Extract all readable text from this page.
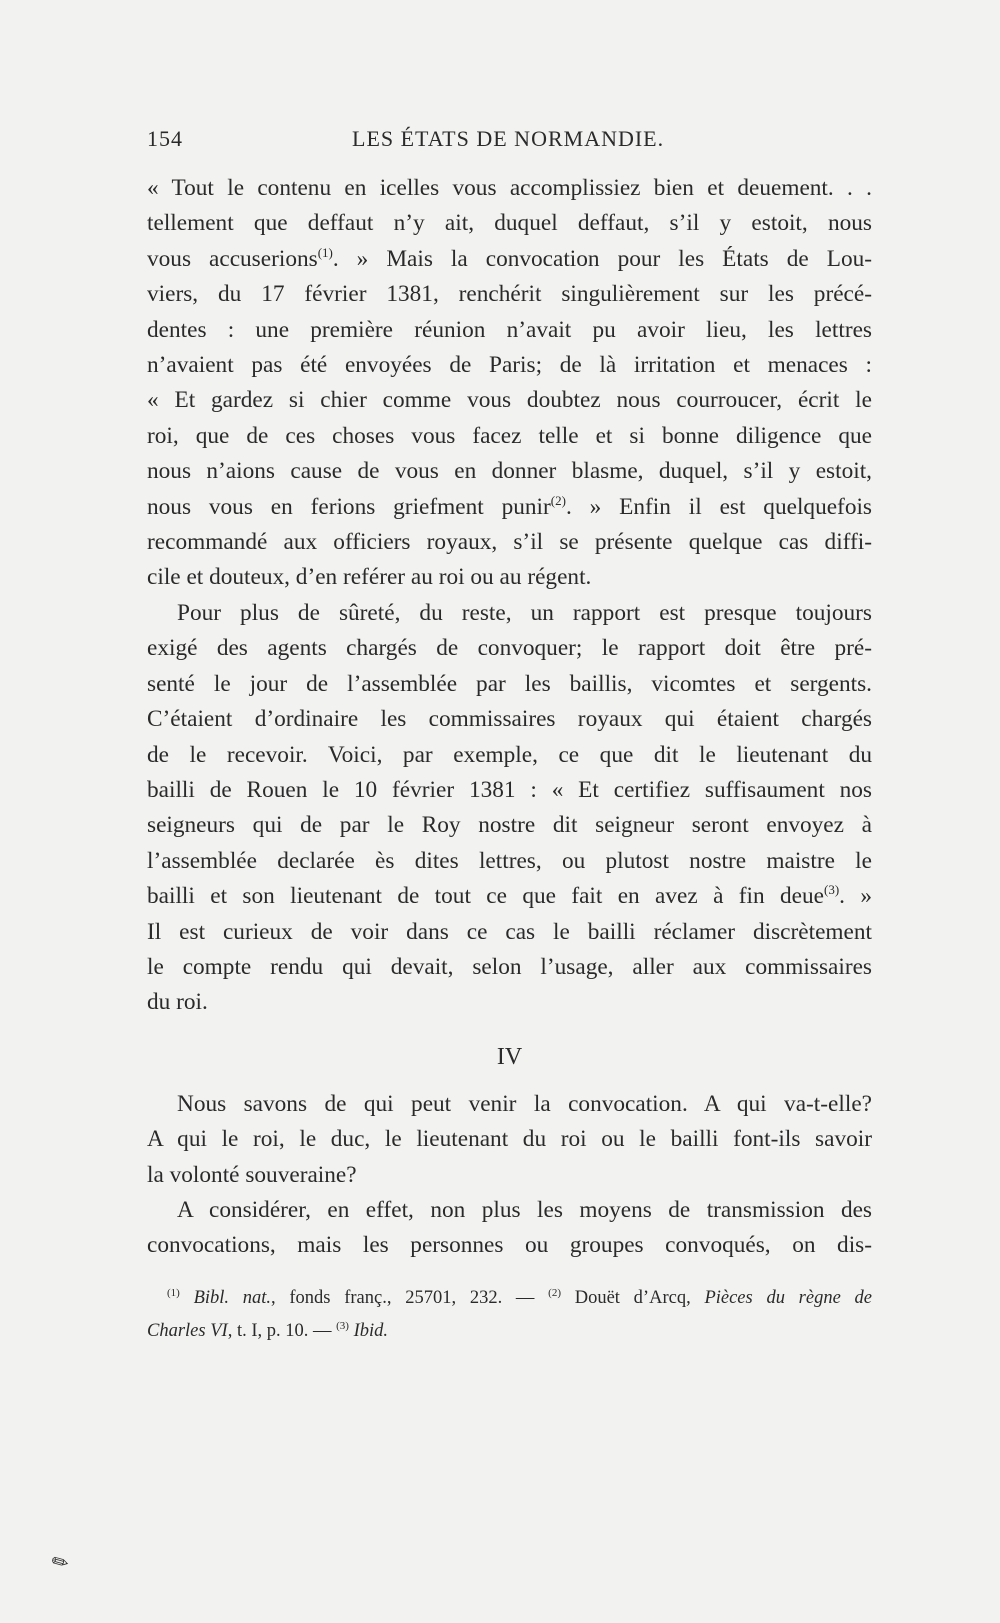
154	LES ÉTATS DE NORMANDIE.

« Tout le contenu en icelles vous accomplissiez bien et deuement. . .
tellement que deffaut n’y ait, duquel deffaut, s’il y estoit, nous
vous accuserions$^{(1)}$. » Mais la convocation pour les États de Lou-
viers, du 17 février 1381, renchérit singulièrement sur les précé-
dentes : une première réunion n’avait pu avoir lieu, les lettres
n’avaient pas été envoyées de Paris; de là irritation et menaces :
« Et gardez si chier comme vous doubtez nous courroucer, écrit le
roi, que de ces choses vous facez telle et si bonne diligence que
nous n’aions cause de vous en donner blasme, duquel, s’il y estoit,
nous vous en ferions griefment punir$^{(2)}$. » Enfin il est quelquefois
recommandé aux officiers royaux, s’il se présente quelque cas diffi-
cile et douteux, d’en reférer au roi ou au régent.

Pour plus de sûreté, du reste, un rapport est presque toujours
exigé des agents chargés de convoquer; le rapport doit être pré-
senté le jour de l’assemblée par les baillis, vicomtes et sergents.
C’étaient d’ordinaire les commissaires royaux qui étaient chargés
de le recevoir. Voici, par exemple, ce que dit le lieutenant du
bailli de Rouen le 10 février 1381 : « Et certifiez suffisaument nos
seigneurs qui de par le Roy nostre dit seigneur seront envoyez à
l’assemblée declarée ès dites lettres, ou plutost nostre maistre le
bailli et son lieutenant de tout ce que fait en avez à fin deue$^{(3)}$. »
Il est curieux de voir dans ce cas le bailli réclamer discrètement
le compte rendu qui devait, selon l’usage, aller aux commissaires
du roi.

IV

Nous savons de qui peut venir la convocation. A qui va-t-elle?
A qui le roi, le duc, le lieutenant du roi ou le bailli font-ils savoir
la volonté souveraine?

A considérer, en effet, non plus les moyens de transmission des
convocations, mais les personnes ou groupes convoqués, on dis-

$^{(1)}$ Bibl. nat., fonds franç., 25701, 232. — $^{(2)}$ Douët d’Arcq, Pièces du règne de
Charles VI, t. I, p. 10. — $^{(3)}$ Ibid.
✎
